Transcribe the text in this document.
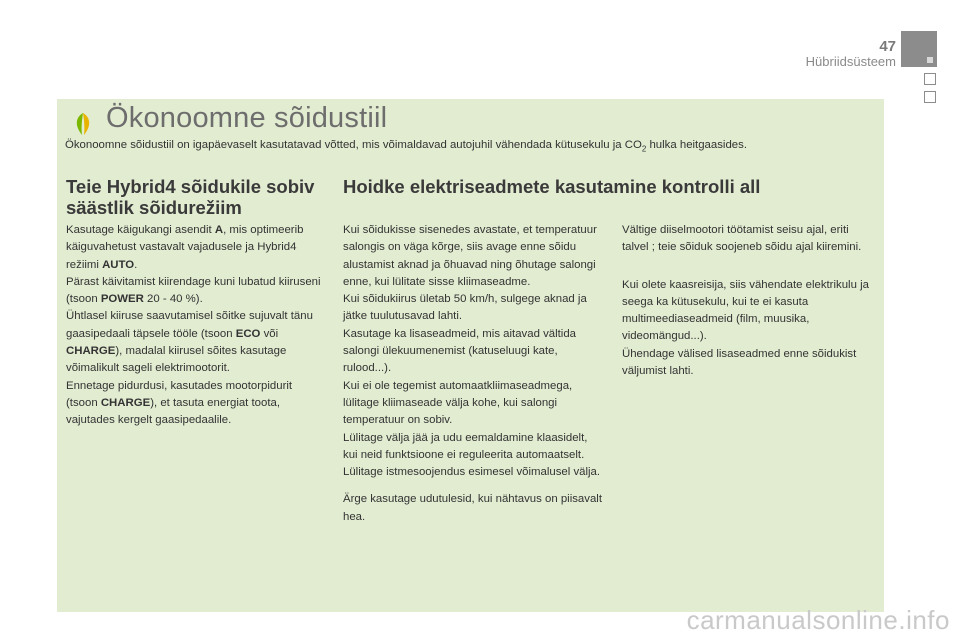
47
Hübriidsüsteem
Ökonoomne sõidustiil
Ökonoomne sõidustiil on igapäevaselt kasutatavad võtted, mis võimaldavad autojuhil vähendada kütusekulu ja $CO_2$ hulka heitgaasides.
Teie Hybrid4 sõidukile sobiv säästlik sõidurežiim
Hoidke elektriseadmete kasutamine kontrolli all

Kasutage käigukangi asendit A, mis optimeerib käiguvahetust vastavalt vajadusele ja Hybrid4 režiimi AUTO.

Pärast käivitamist kiirendage kuni lubatud kiiruseni (tsoon POWER 20 - 40 %).

Ühtlasel kiiruse saavutamisel sõitke sujuvalt tänu gaasipedaali täpsele tööle (tsoon ECO või CHARGE), madalal kiirusel sõites kasutage võimalikult sageli elektrimootorit.

Ennetage pidurdusi, kasutades mootorpidurit (tsoon CHARGE), et tasuta energiat toota, vajutades kergelt gaasipedaalile.

Kui sõidukisse sisenedes avastate, et temperatuur salongis on väga kõrge, siis avage enne sõidu alustamist aknad ja õhuavad ning õhutage salongi enne, kui lülitate sisse kliimaseadme.

Kui sõidukiirus ületab 50 km/h, sulgege aknad ja jätke tuulutusavad lahti.

Kasutage ka lisaseadmeid, mis aitavad vältida salongi ülekuumenemist (katuseluugi kate, rulood...).

Kui ei ole tegemist automaatkliimaseadmega, lülitage kliimaseade välja kohe, kui salongi temperatuur on sobiv.

Lülitage välja jää ja udu eemaldamine klaasidelt, kui neid funktsioone ei reguleerita automaatselt.

Lülitage istmesoojendus esimesel võimalusel välja.

Ärge kasutage udutulesid, kui nähtavus on piisavalt hea.

Vältige diiselmootori töötamist seisu ajal, eriti talvel ; teie sõiduk soojeneb sõidu ajal kiiremini.

Kui olete kaasreisija, siis vähendate elektrikulu ja seega ka kütusekulu, kui te ei kasuta multimeediaseadmeid (film, muusika, videomängud...).

Ühendage välised lisaseadmed enne sõidukist väljumist lahti.

carmanualsonline.info
